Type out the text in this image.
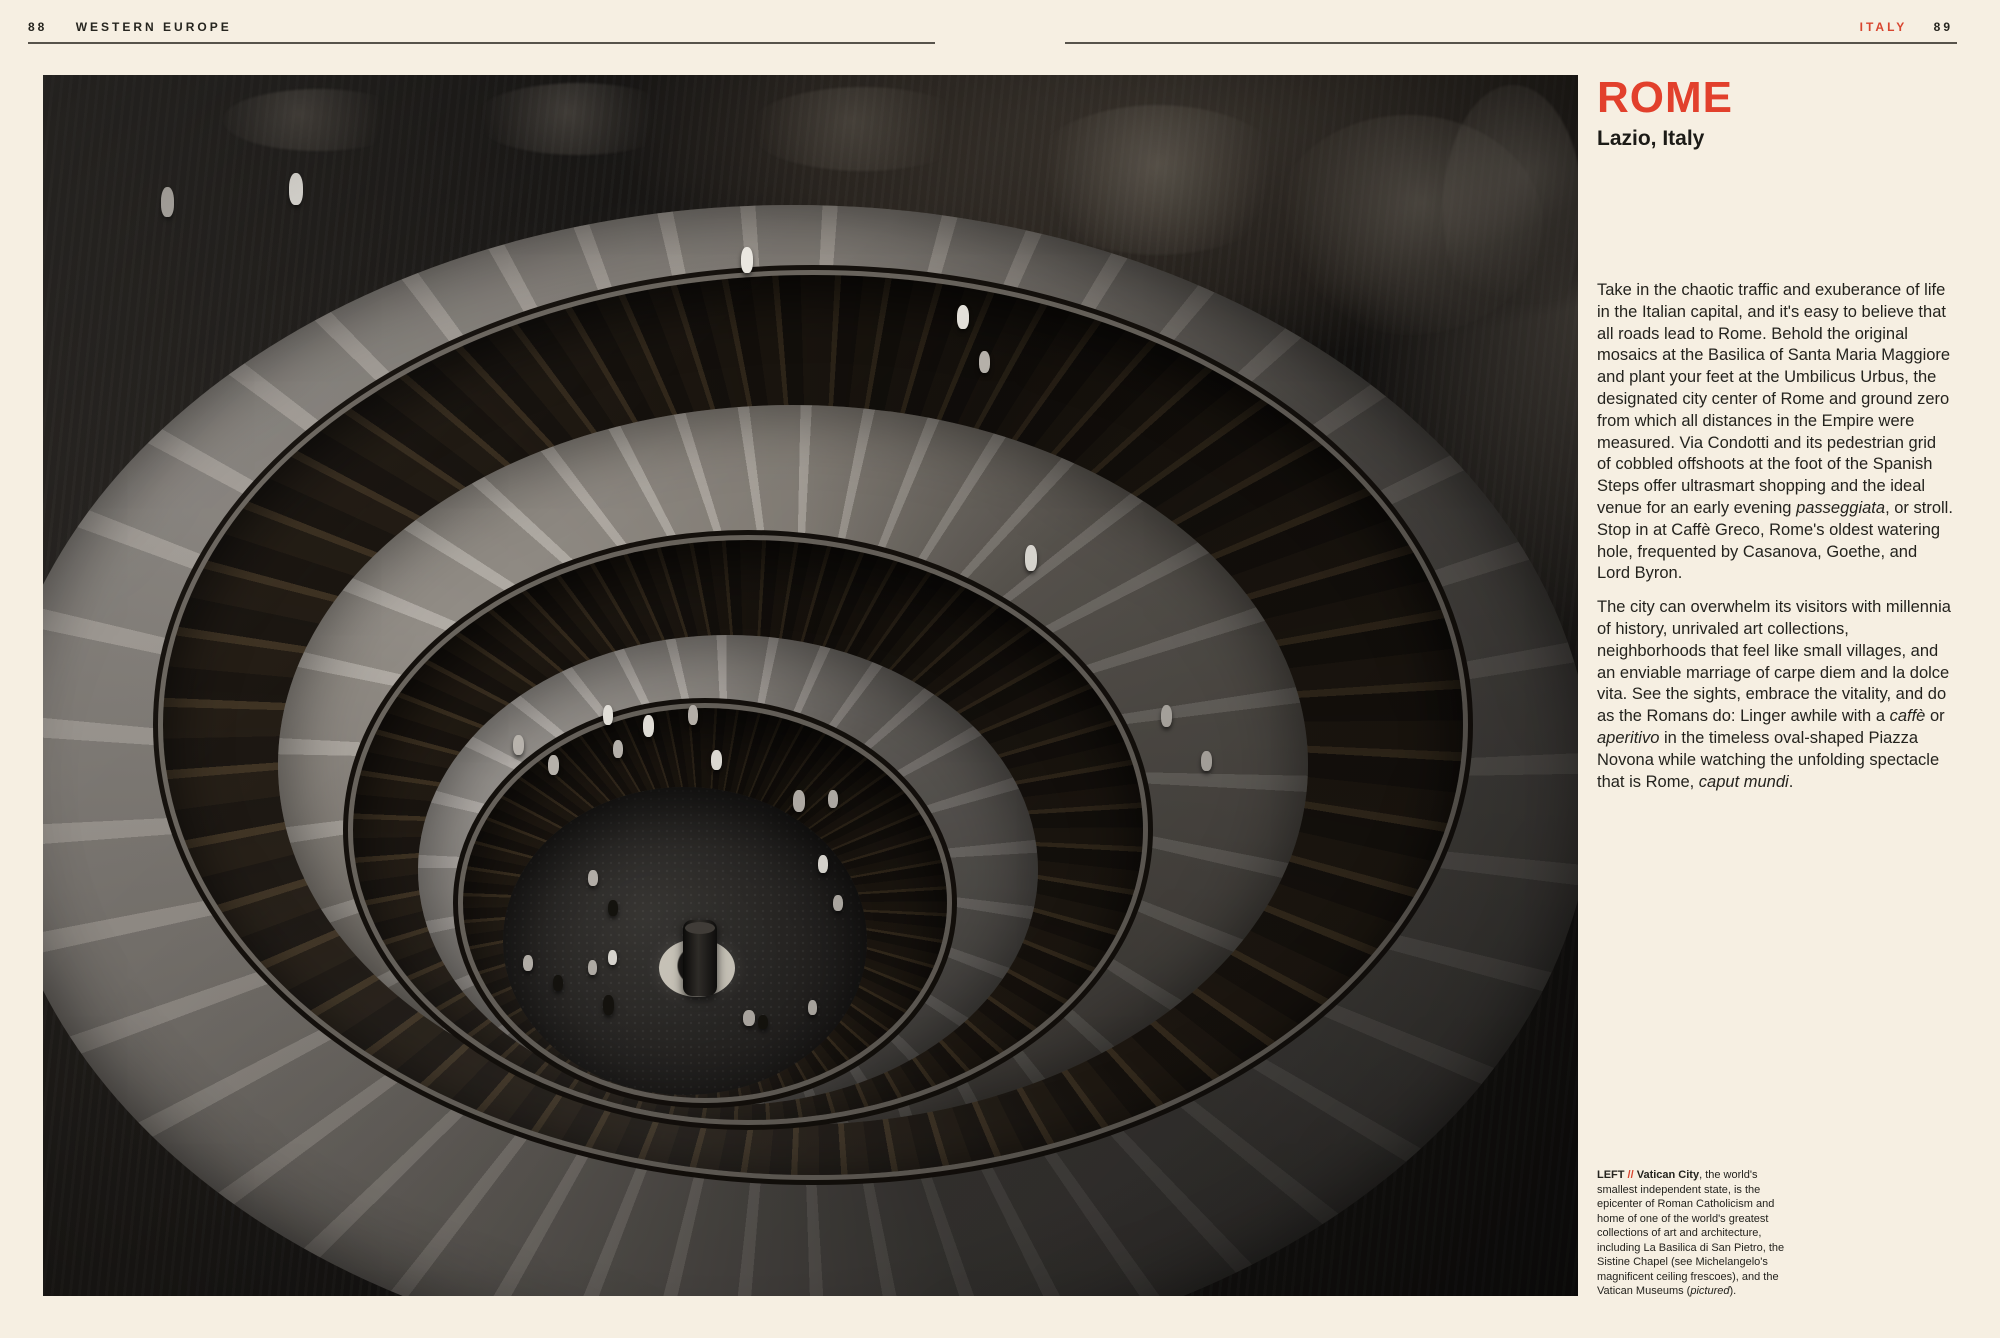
88 WESTERN EUROPE	ITALY 89
ROME
Lazio, Italy

Take in the chaotic traffic and exuberance of life in the Italian capital, and it's easy to believe that all roads lead to Rome. Behold the original mosaics at the Basilica of Santa Maria Maggiore and plant your feet at the Umbilicus Urbus, the designated city center of Rome and ground zero from which all distances in the Empire were measured. Via Condotti and its pedestrian grid of cobbled offshoots at the foot of the Spanish Steps offer ultrasmart shopping and the ideal venue for an early evening passeggiata, or stroll. Stop in at Caffè Greco, Rome's oldest watering hole, frequented by Casanova, Goethe, and Lord Byron.

The city can overwhelm its visitors with millennia of history, unrivaled art collections, neighborhoods that feel like small villages, and an enviable marriage of carpe diem and la dolce vita. See the sights, embrace the vitality, and do as the Romans do: Linger awhile with a caffè or aperitivo in the timeless oval-shaped Piazza Novona while watching the unfolding spectacle that is Rome, caput mundi.

LEFT // Vatican City, the world's smallest independent state, is the epicenter of Roman Catholicism and home of one of the world's greatest collections of art and architecture, including La Basilica di San Pietro, the Sistine Chapel (see Michelangelo's magnificent ceiling frescoes), and the Vatican Museums (pictured).
